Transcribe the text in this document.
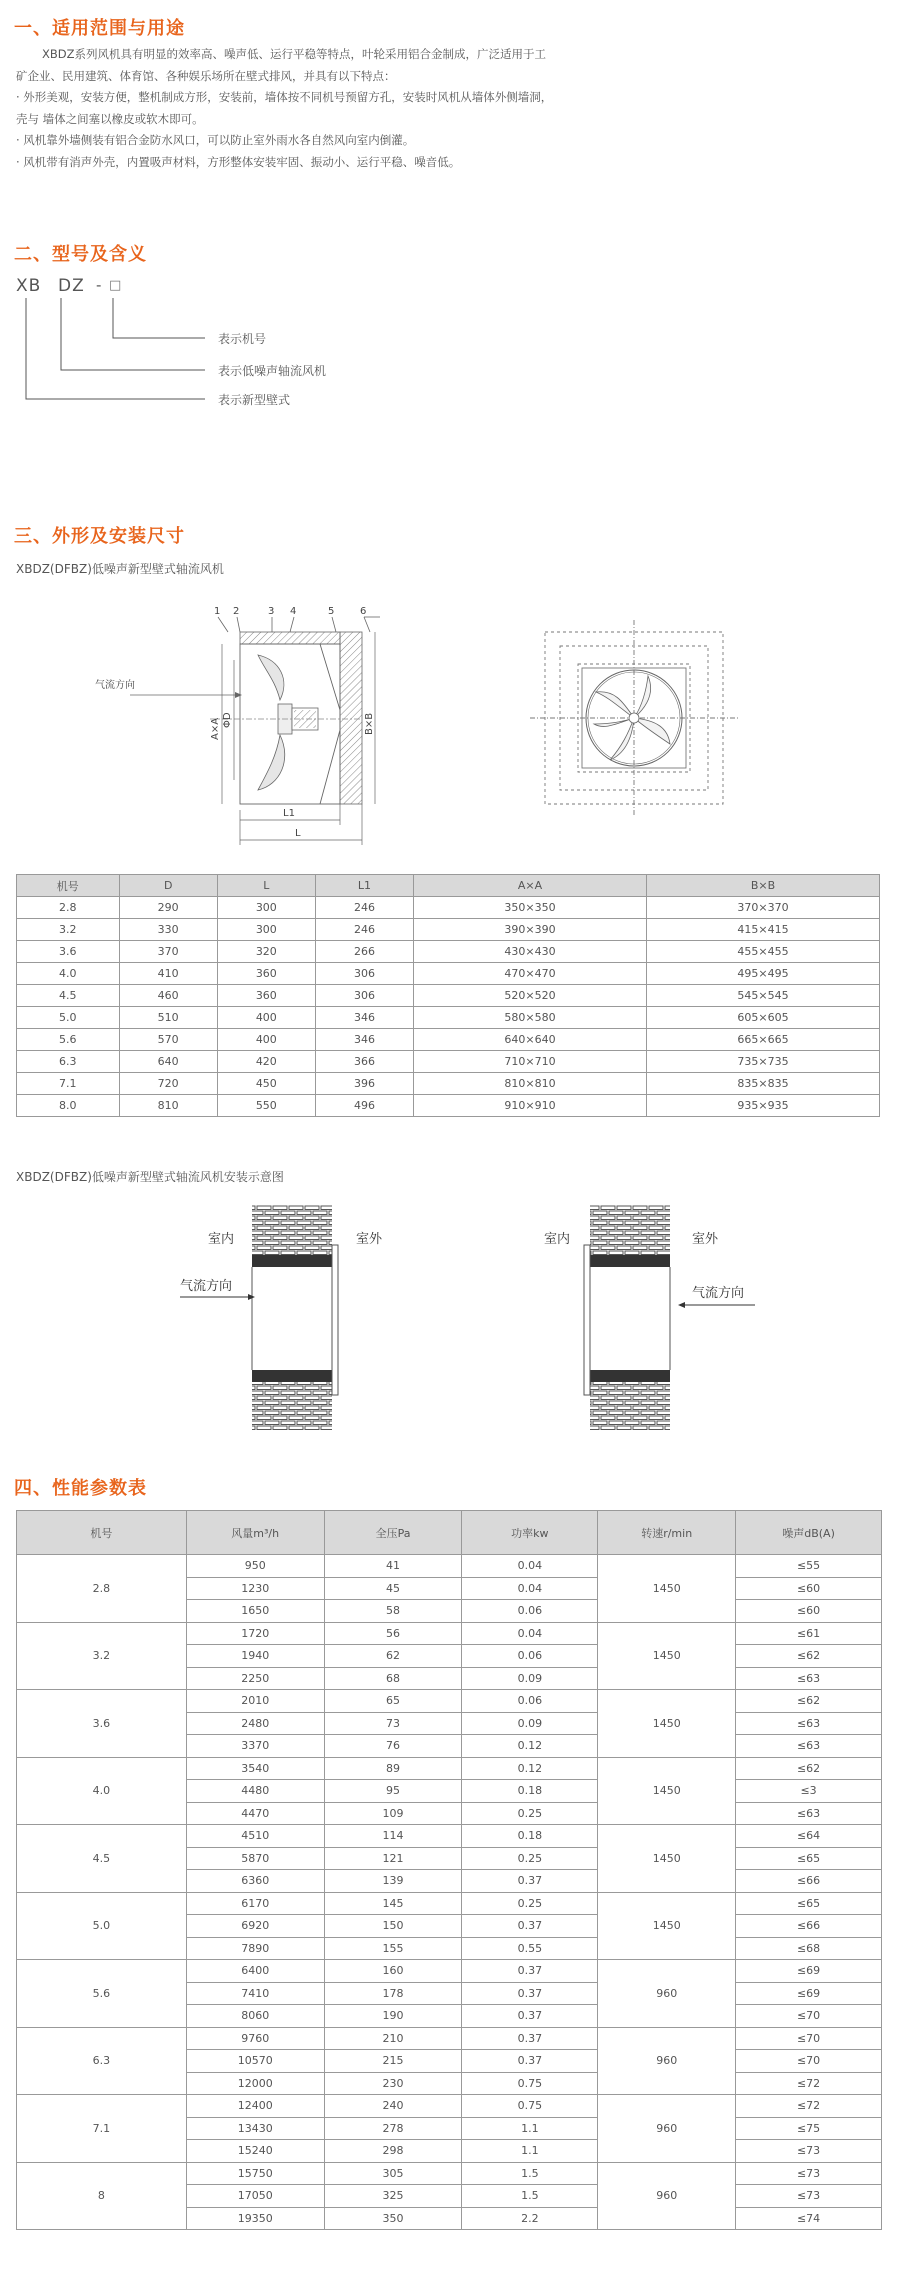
一、适用范围与用途
XBDZ系列风机具有明显的效率高、噪声低、运行平稳等特点，叶轮采用铝合金制成，广泛适用于工
矿企业、民用建筑、体育馆、各种娱乐场所在壁式排风，并具有以下特点：
· 外形美观，安装方便，整机制成方形，安装前，墙体按不同机号预留方孔，安装时风机从墙体外侧墙洞，
壳与 墙体之间塞以橡皮或软木即可。
· 风机靠外墙侧装有铝合金防水风口，可以防止室外雨水各自然风向室内倒灌。
· 风机带有消声外壳，内置吸声材料，方形整体安装牢固、振动小、运行平稳、噪音低。
二、型号及含义
XB DZ - □
表示机号
表示低噪声轴流风机
表示新型壁式
三、外形及安装尺寸
XBDZ(DFBZ)低噪声新型壁式轴流风机
1 2	3 4	5	6
气流方向
A×A ΦD	B×B
L1
L
机号	D	L	L1	A×A	B×B
2.8	290	300	246	350×350	370×370
3.2	330	300	246	390×390	415×415
3.6	370	320	266	430×430	455×455
4.0	410	360	306	470×470	495×495
4.5	460	360	306	520×520	545×545
5.0	510	400	346	580×580	605×605
5.6	570	400	346	640×640	665×665
6.3	640	420	366	710×710	735×735
7.1	720	450	396	810×810	835×835
8.0	810	550	496	910×910	935×935
XBDZ(DFBZ)低噪声新型壁式轴流风机安装示意图
室内	室外
气流方向
室内	室外
气流方向
四、性能参数表
机号	风量m³/h	全压Pa	功率kw	转速r/min	噪声dB(A)
2.8	950	41	0.04	1450	≤55
	1230	45	0.04		≤60
	1650	58	0.06		≤60
3.2	1720	56	0.04	1450	≤61
	1940	62	0.06		≤62
	2250	68	0.09		≤63
3.6	2010	65	0.06	1450	≤62
	2480	73	0.09		≤63
	3370	76	0.12		≤63
4.0	3540	89	0.12	1450	≤62
	4480	95	0.18		≤3
	4470	109	0.25		≤63
4.5	4510	114	0.18	1450	≤64
	5870	121	0.25		≤65
	6360	139	0.37		≤66
5.0	6170	145	0.25	1450	≤65
	6920	150	0.37		≤66
	7890	155	0.55		≤68
5.6	6400	160	0.37	960	≤69
	7410	178	0.37		≤69
	8060	190	0.37		≤70
6.3	9760	210	0.37	960	≤70
	10570	215	0.37		≤70
	12000	230	0.75		≤72
7.1	12400	240	0.75	960	≤72
	13430	278	1.1		≤75
	15240	298	1.1		≤73
8	15750	305	1.5	960	≤73
	17050	325	1.5		≤73
	19350	350	2.2		≤74
